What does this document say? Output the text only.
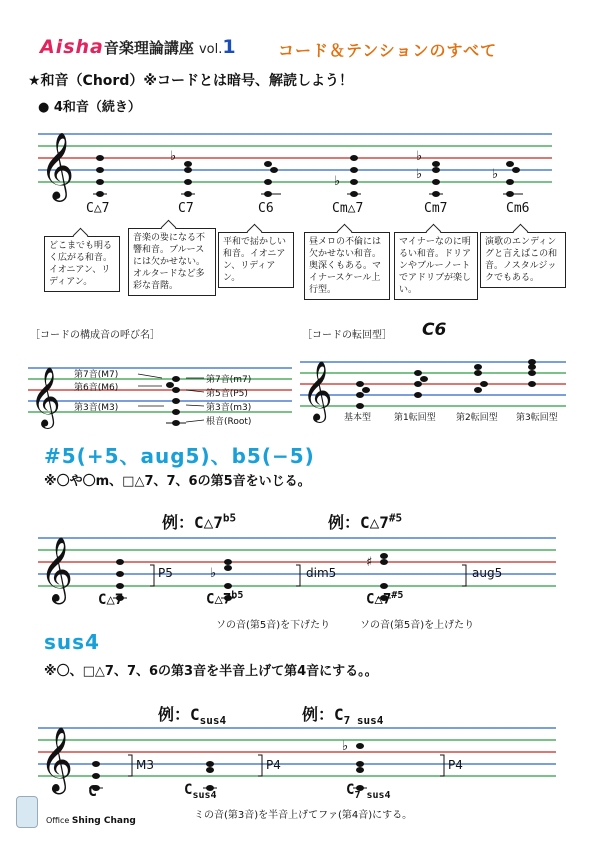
Aisha音楽理論講座 vol.1	コード＆テンションのすべて
★和音（Chord）※コードとは暗号、解読しよう！
● 4和音（続き）
𝄞	♭
♭
♭
♭	♭
𝄞	𝄞
𝄞	♭
♯
𝄞	♭
C△7	C7	C6	Cm△7	Cm7	Cm6
どこまでも明るく広がる和音。イオニアン、リディアン。
音楽の要になる不響和音。ブルースには欠かせない。オルタードなど多彩な音階。
平和で揺かしい和音。イオニアン、リディアン。
昼メロの不倫には欠かせない和音。奥深くもある。マイナースケール上行型。
マイナーなのに明るい和音。ドリアンやブルーノートでアドリブが楽しい。
演歌のエンディングと言えばこの和音。ノスタルジックでもある。
［コードの構成音の呼び名］
第7音(M7)
第6音(M6)
第3音(M3)
第7音(m7)
第5音(P5)
第3音(m3)
根音(Root)
［コードの転回型］ C6
基本型	第1転回型 第2転回型 第3転回型
#5(+5、aug5)、b5(−5)
※〇や〇m、□△7、7、6の第5音をいじる。
例：$C\triangle 7^{b5}$	例：C△7$^{\#5}$
P5	dim5	aug5
C△7	$C\triangle 7^{b5}$	C△7$^{\#5}$
ソの音(第5音)を下げたり	ソの音(第5音)を上げたり
sus4
※〇、□△7、7、6の第3音を半音上げて第4音にする。。
例：$C_{sus4}$	例：$C_{7 sus4}$
M3	P4	P4
C	$C_{sus4}$	$C_{7 sus4}$
ミの音(第3音)を半音上げてファ(第4音)にする。
Office Shing Chang
